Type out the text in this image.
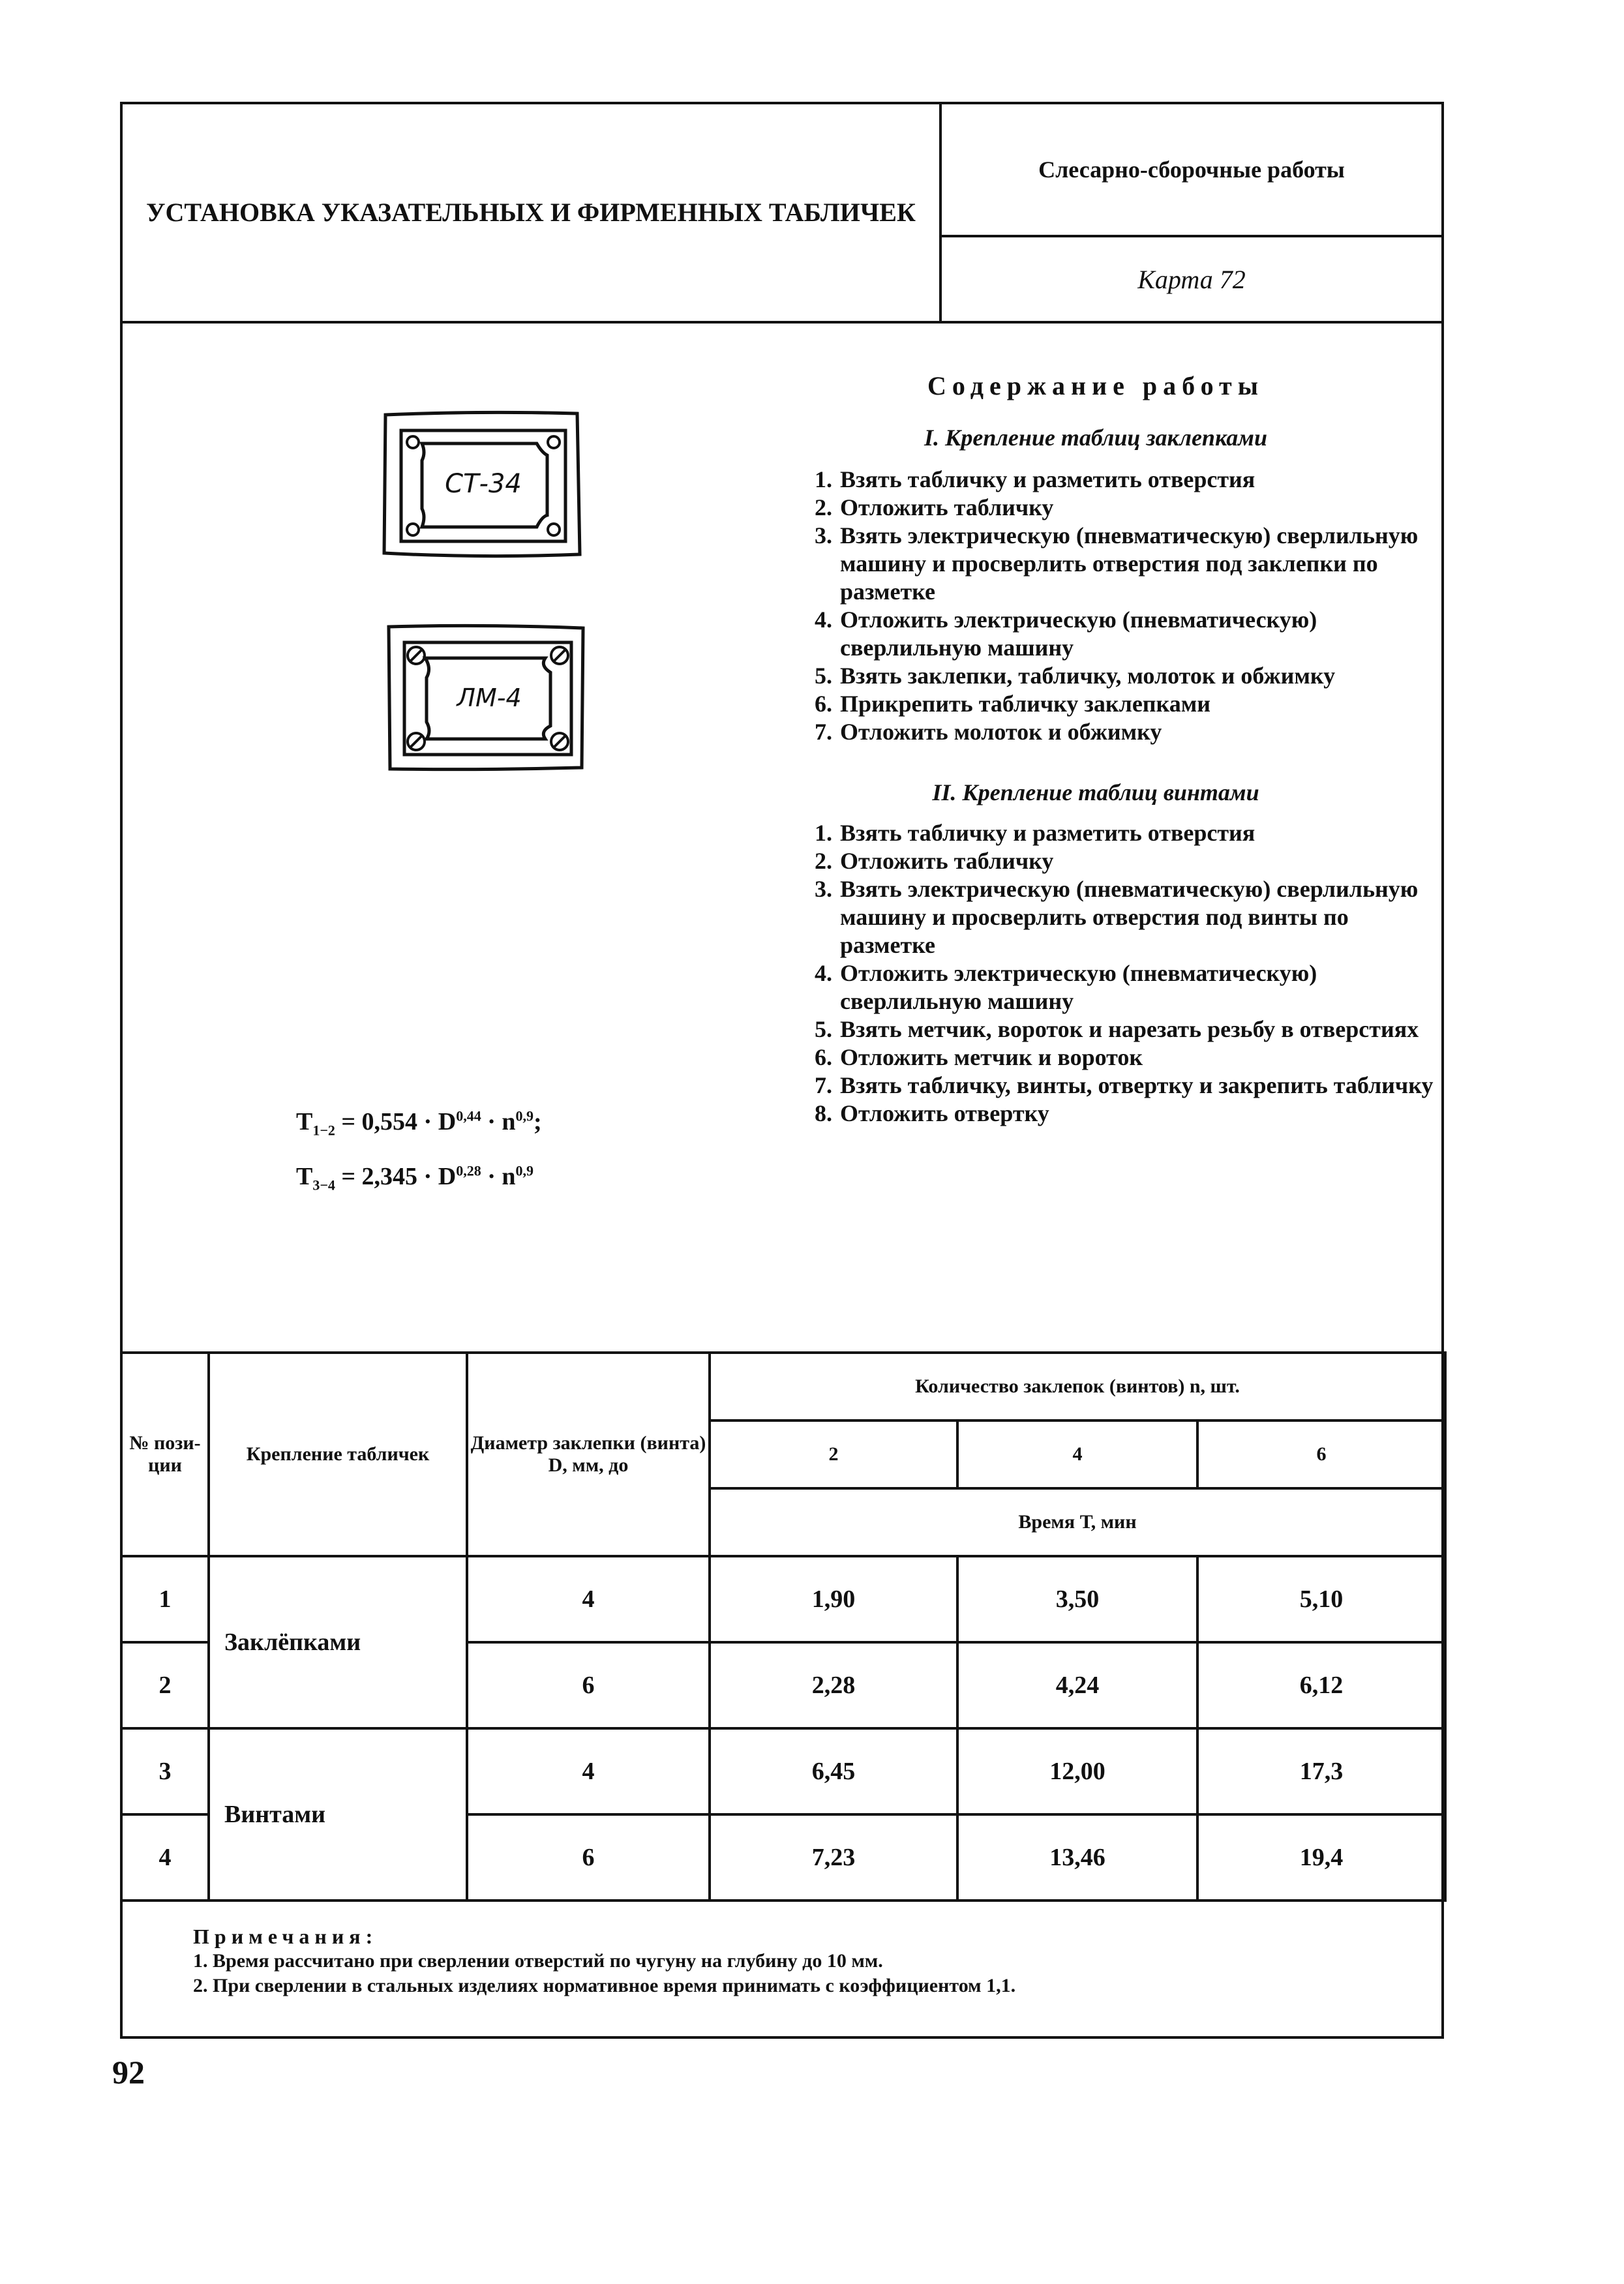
УСТАНОВКА УКАЗАТЕЛЬНЫХ И ФИРМЕННЫХ ТАБЛИЧЕК
Слесарно-сборочные работы
Карта 72
СТ-34
ЛМ-4
$T_{1-2} = 0,554 \cdot D^{0,44} \cdot n^{0,9}$;
$T_{3-4} = 2,345 \cdot D^{0,28} \cdot n^{0,9}$
Содержание работы
I. Крепление таблиц заклепками
1. Взять табличку и разметить отверстия
2. Отложить табличку
3. Взять электрическую (пневматическую) сверлильную машину и просверлить отверстия под заклепки по разметке
4. Отложить электрическую (пневматическую) сверлильную машину
5. Взять заклепки, табличку, молоток и обжимку
6. Прикрепить табличку заклепками
7. Отложить молоток и обжимку
II. Крепление таблиц винтами
1. Взять табличку и разметить отверстия
2. Отложить табличку
3. Взять электрическую (пневматическую) сверлильную машину и просверлить отверстия под винты по разметке
4. Отложить электрическую (пневматическую) сверлильную машину
5. Взять метчик, вороток и нарезать резьбу в отверстиях
6. Отложить метчик и вороток
7. Взять табличку, винты, отвертку и закрепить табличку
8. Отложить отвертку
№ пози- ции	Крепление табличек	Диаметр заклепки (винта) D, мм, до	Количество заклепок (винтов) n, шт.		
			2	4	6
			Время Т, мин		
1	Заклёпками	4	1,90	3,50	5,10
2		6	2,28	4,24	6,12
3	Винтами	4	6,45	12,00	17,3
4		6	7,23	13,46	19,4
Примечания:
1. Время рассчитано при сверлении отверстий по чугуну на глубину до 10 мм.
2. При сверлении в стальных изделиях нормативное время принимать с коэффициентом 1,1.
92
